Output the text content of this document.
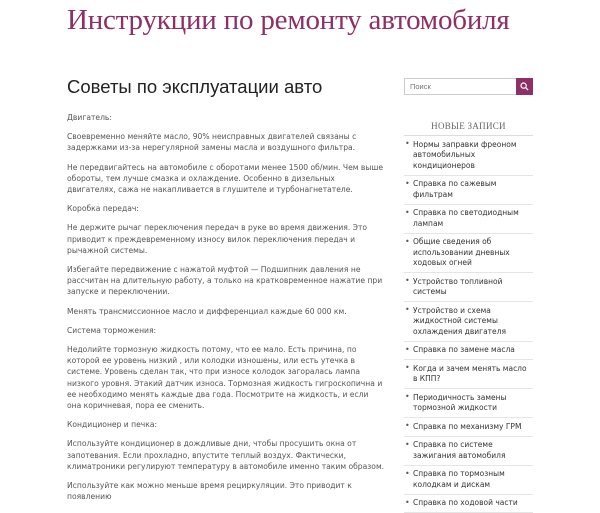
Инструкции по ремонту автомобиля
Советы по эксплуатации авто

Двигатель:

Своевременно меняйте масло, 90% неисправных двигателей связаны с задержками из-за нерегулярной замены масла и воздушного фильтра.

Не передвигайтесь на автомобиле с оборотами менее 1500 об/мин. Чем выше обороты, тем лучше смазка и охлаждение. Особенно в дизельных двигателях, сажа не накапливается в глушителе и турбонагнетателе.

Коробка передач:

Не держите рычаг переключения передач в руке во время движения. Это приводит к преждевременному износу вилок переключения передач и рычажной системы.

Избегайте передвижение с нажатой муфтой — Подшипник давления не рассчитан на длительную работу, а только на кратковременное нажатие при запуске и переключении.

Менять трансмиссионное масло и дифференциал каждые 60 000 км.

Система торможения:

Недолийте тормозную жидкость потому, что ее мало. Есть причина, по которой ее уровень низкий , или колодки изношены, или есть утечка в системе. Уровень сделан так, что при износе колодок загоралась лампа низкого уровня. Этакий датчик износа. Тормозная жидкость гигроскопична и ее необходимо менять каждые два года. Посмотрите на жидкость, и если она коричневая, пора ее сменить.

Кондиционер и печка:

Используйте кондиционер в дождливые дни, чтобы просушить окна от запотевания. Если прохладно, впустите теплый воздух. Фактически, климатроники регулируют температуру в автомобиле именно таким образом.

Используйте как можно меньше время рециркуляции. Это приводит к появлению

Поиск
НОВЫЕ ЗАПИСИ
• Нормы заправки фреоном автомобильных кондиционеров
• Справка по сажевым фильтрам
• Справка по светодиодным лампам
• Общие сведения об использовании дневных ходовых огней
• Устройство топливной системы
• Устройство и схема жидкостной системы охлаждения двигателя
• Справка по замене масла
• Когда и зачем менять масло в КПП?
• Периодичность замены тормозной жидкости
• Справка по механизму ГРМ
• Справка по системе зажигания автомобиля
• Справка по тормозным колодкам и дискам
• Справка по ходовой части
